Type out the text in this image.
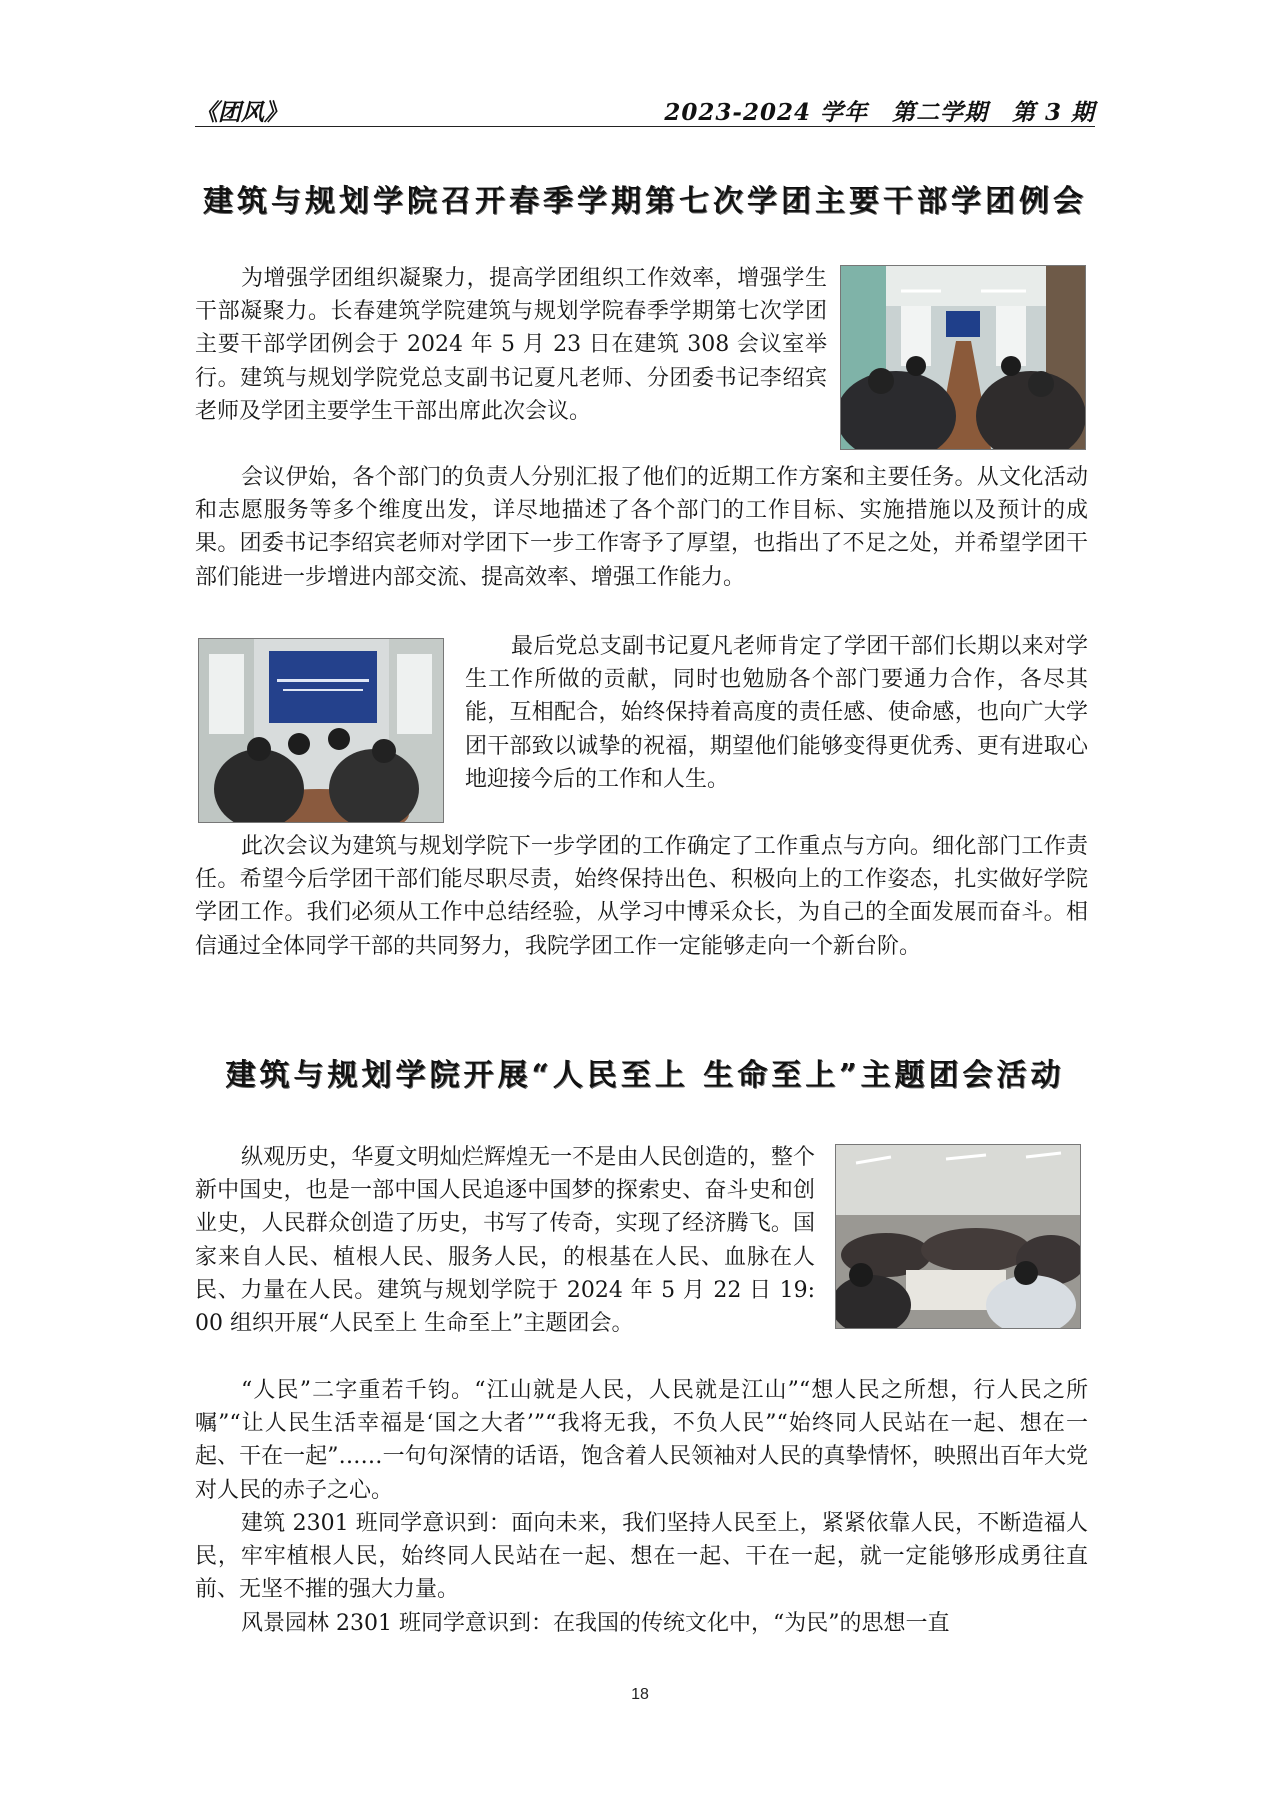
《团风》	2023-2024 学年　第二学期　第 3 期
建筑与规划学院召开春季学期第七次学团主要干部学团例会

为增强学团组织凝聚力，提高学团组织工作效率，增强学生干部凝聚力。长春建筑学院建筑与规划学院春季学期第七次学团主要干部学团例会于 2024 年 5 月 23 日在建筑 308 会议室举行。建筑与规划学院党总支副书记夏凡老师、分团委书记李绍宾老师及学团主要学生干部出席此次会议。

会议伊始，各个部门的负责人分别汇报了他们的近期工作方案和主要任务。从文化活动和志愿服务等多个维度出发，详尽地描述了各个部门的工作目标、实施措施以及预计的成果。团委书记李绍宾老师对学团下一步工作寄予了厚望，也指出了不足之处，并希望学团干部们能进一步增进内部交流、提高效率、增强工作能力。

最后党总支副书记夏凡老师肯定了学团干部们长期以来对学生工作所做的贡献，同时也勉励各个部门要通力合作，各尽其能，互相配合，始终保持着高度的责任感、使命感，也向广大学团干部致以诚挚的祝福，期望他们能够变得更优秀、更有进取心地迎接今后的工作和人生。

此次会议为建筑与规划学院下一步学团的工作确定了工作重点与方向。细化部门工作责任。希望今后学团干部们能尽职尽责，始终保持出色、积极向上的工作姿态，扎实做好学院学团工作。我们必须从工作中总结经验，从学习中博采众长，为自己的全面发展而奋斗。相信通过全体同学干部的共同努力，我院学团工作一定能够走向一个新台阶。

建筑与规划学院开展“人民至上 生命至上”主题团会活动

纵观历史，华夏文明灿烂辉煌无一不是由人民创造的，整个新中国史，也是一部中国人民追逐中国梦的探索史、奋斗史和创业史，人民群众创造了历史，书写了传奇，实现了经济腾飞。国家来自人民、植根人民、服务人民，的根基在人民、血脉在人民、力量在人民。建筑与规划学院于 2024 年 5 月 22 日 19: 00 组织开展“人民至上 生命至上”主题团会。

“人民”二字重若千钧。“江山就是人民，人民就是江山”“想人民之所想，行人民之所嘱”“让人民生活幸福是‘国之大者’”“我将无我，不负人民”“始终同人民站在一起、想在一起、干在一起”……一句句深情的话语，饱含着人民领袖对人民的真挚情怀，映照出百年大党对人民的赤子之心。

建筑 2301 班同学意识到：面向未来，我们坚持人民至上，紧紧依靠人民，不断造福人民，牢牢植根人民，始终同人民站在一起、想在一起、干在一起，就一定能够形成勇往直前、无坚不摧的强大力量。

风景园林 2301 班同学意识到：在我国的传统文化中，“为民”的思想一直

18
